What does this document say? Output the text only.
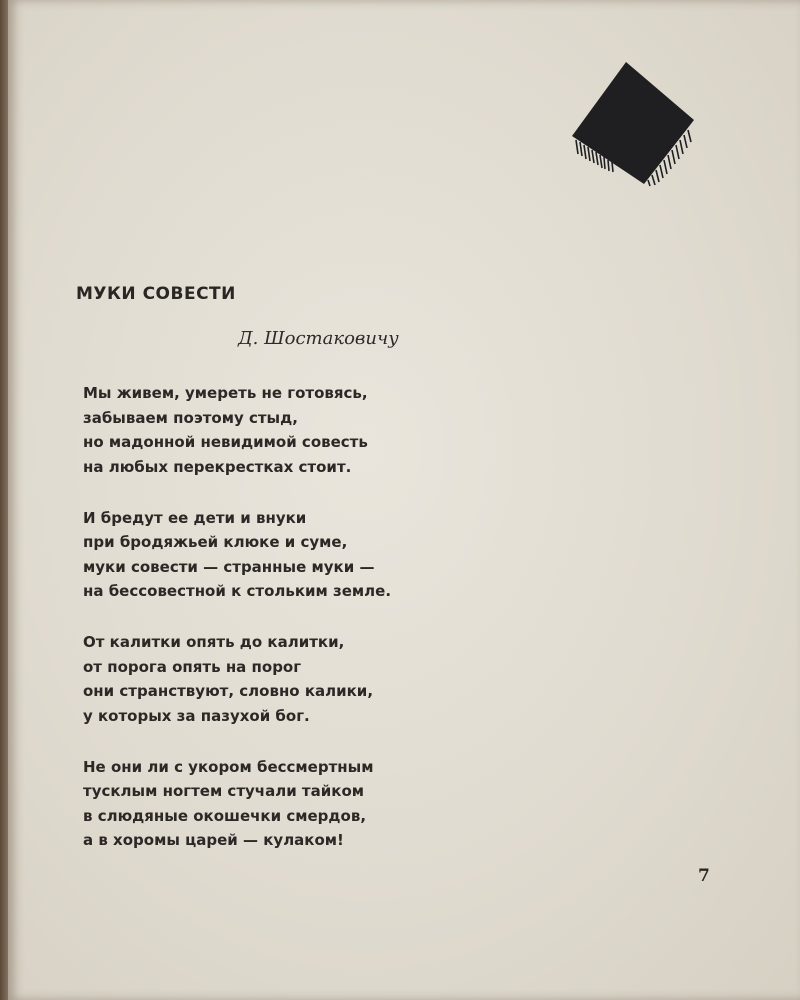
МУКИ СОВЕСТИ
Д. Шостаковичу
Мы живем, умереть не готовясь,
забываем поэтому стыд,
но мадонной невидимой совесть
на любых перекрестках стоит.
И бредут ее дети и внуки
при бродяжьей клюке и суме,
муки совести — странные муки —
на бессовестной к стольким земле.
От калитки опять до калитки,
от порога опять на порог
они странствуют, словно калики,
у которых за пазухой бог.
Не они ли с укором бессмертным
тусклым ногтем стучали тайком
в слюдяные окошечки смердов,
а в хоромы царей — кулаком!
7
